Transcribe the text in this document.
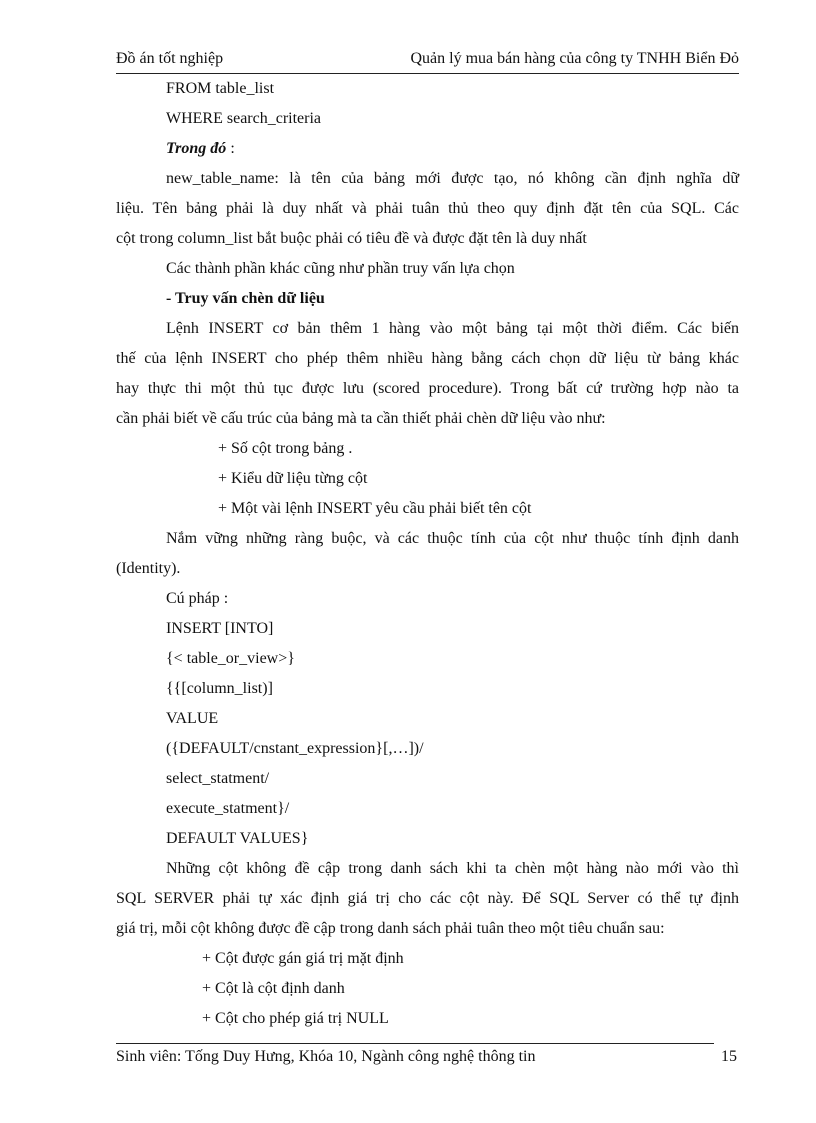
Đồ án tốt nghiệp	Quản lý mua bán hàng của công ty TNHH Biển Đỏ

FROM table_list

WHERE search_criteria

Trong đó :

new_table_name: là tên của bảng mới được tạo, nó không cần định nghĩa dữ

liệu. Tên bảng phải là duy nhất và phải tuân thủ theo quy định đặt tên của SQL. Các

cột trong column_list bắt buộc phải có tiêu đề và được đặt tên là duy nhất

Các thành phần khác cũng như phần truy vấn lựa chọn

- Truy vấn chèn dữ liệu

Lệnh INSERT cơ bản thêm 1 hàng vào một bảng tại một thời điểm. Các biến

thế của lệnh INSERT cho phép thêm nhiều hàng bằng cách chọn dữ liệu từ bảng khác

hay thực thi một thủ tục được lưu (scored procedure). Trong bất cứ trường hợp nào ta

cần phải biết về cấu trúc của bảng mà ta cần thiết phải chèn dữ liệu vào như:

+ Số cột trong bảng .

+ Kiểu dữ liệu từng cột

+ Một vài lệnh INSERT yêu cầu phải biết tên cột

Nắm vững những ràng buộc, và các thuộc tính của cột như thuộc tính định danh

(Identity).

Cú pháp :

INSERT [INTO]

{< table_or_view>}

{{[column_list)]

VALUE

({DEFAULT/cnstant_expression}[,…])/

select_statment/

execute_statment}/

DEFAULT VALUES}

Những cột không đề cập trong danh sách khi ta chèn một hàng nào mới vào thì

SQL SERVER phải tự xác định giá trị cho các cột này. Để SQL Server có thể tự định

giá trị, mỗi cột không được đề cập trong danh sách phải tuân theo một tiêu chuẩn sau:

+ Cột được gán giá trị mặt định

+ Cột là cột định danh

+ Cột cho phép giá trị NULL

Sinh viên: Tống Duy Hưng, Khóa 10, Ngành công nghệ thông tin	15
